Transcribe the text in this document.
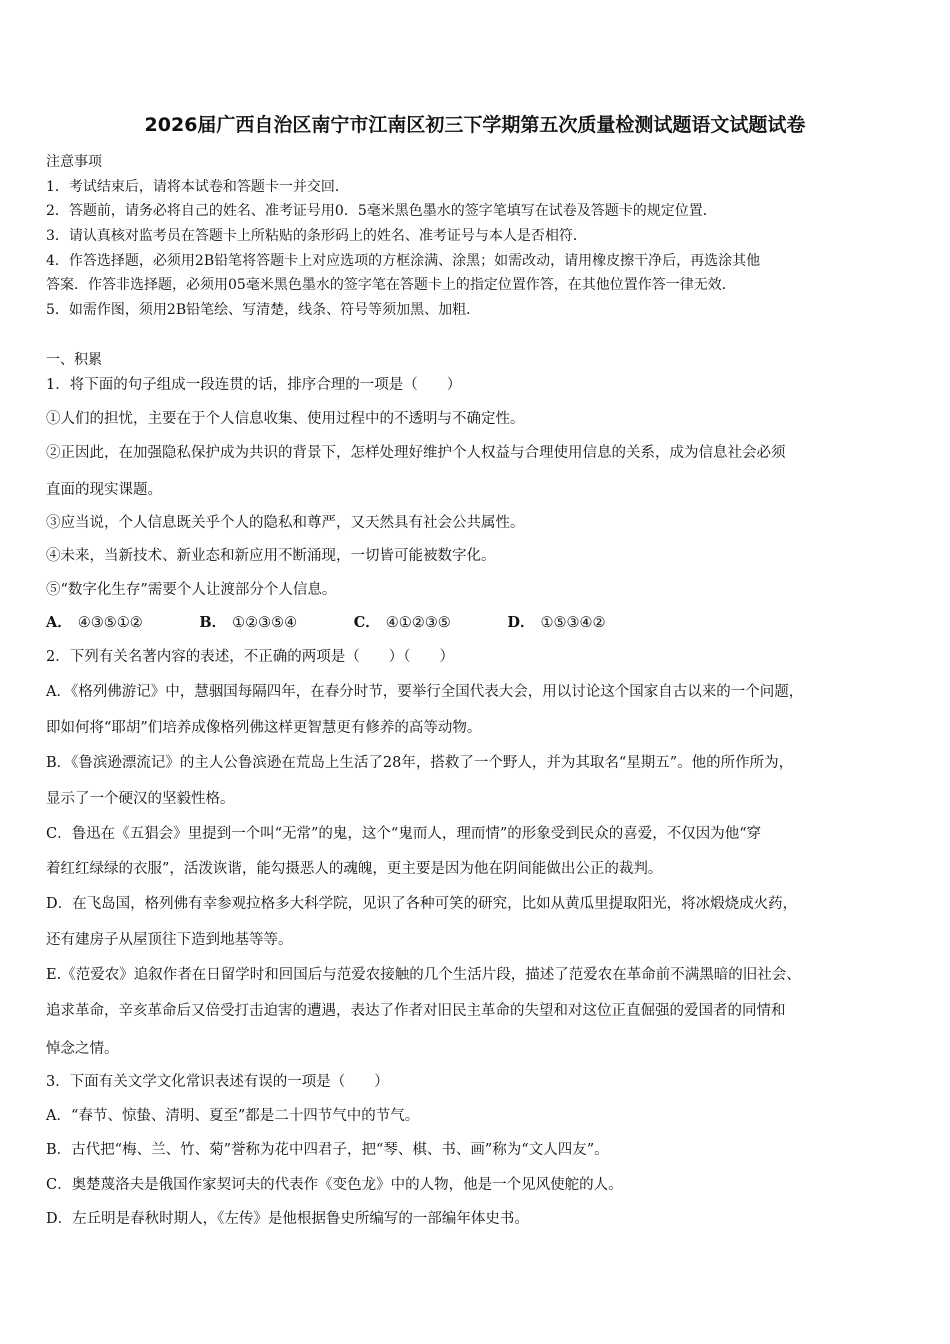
2026届广西自治区南宁市江南区初三下学期第五次质量检测试题语文试题试卷
注意事项
1．考试结束后，请将本试卷和答题卡一并交回．
2．答题前，请务必将自己的姓名、准考证号用0．5毫米黑色墨水的签字笔填写在试卷及答题卡的规定位置．
3．请认真核对监考员在答题卡上所粘贴的条形码上的姓名、准考证号与本人是否相符．
4．作答选择题，必须用2B铅笔将答题卡上对应选项的方框涂满、涂黑；如需改动，请用橡皮擦干净后，再选涂其他
答案．作答非选择题，必须用05毫米黑色墨水的签字笔在答题卡上的指定位置作答，在其他位置作答一律无效．
5．如需作图，须用2B铅笔绘、写清楚，线条、符号等须加黑、加粗．
一、积累
1．将下面的句子组成一段连贯的话，排序合理的一项是（　　）
①人们的担忧，主要在于个人信息收集、使用过程中的不透明与不确定性。
②正因此，在加强隐私保护成为共识的背景下，怎样处理好维护个人权益与合理使用信息的关系，成为信息社会必须
直面的现实课题。
③应当说，个人信息既关乎个人的隐私和尊严，又天然具有社会公共属性。
④未来，当新技术、新业态和新应用不断涌现，一切皆可能被数字化。
⑤“数字化生存”需要个人让渡部分个人信息。
A． ④③⑤①②	B． ①②③⑤④	C． ④①②③⑤	D． ①⑤③④②
2．下列有关名著内容的表述，不正确的两项是（　　）（　　）
A．《格列佛游记》中，慧骃国每隔四年，在春分时节，要举行全国代表大会，用以讨论这个国家自古以来的一个问题，
即如何将“耶胡”们培养成像格列佛这样更智慧更有修养的高等动物。
B．《鲁滨逊漂流记》的主人公鲁滨逊在荒岛上生活了28年，搭救了一个野人，并为其取名“星期五”。他的所作所为，
显示了一个硬汉的坚毅性格。
C．鲁迅在《五猖会》里提到一个叫“无常”的鬼，这个“鬼而人，理而情”的形象受到民众的喜爱，不仅因为他“穿
着红红绿绿的衣服”，活泼诙谐，能勾摄恶人的魂魄，更主要是因为他在阴间能做出公正的裁判。
D．在飞岛国，格列佛有幸参观拉格多大科学院，见识了各种可笑的研究，比如从黄瓜里提取阳光，将冰煅烧成火药，
还有建房子从屋顶往下造到地基等等。
E.《范爱农》追叙作者在日留学时和回国后与范爱农接触的几个生活片段，描述了范爱农在革命前不满黑暗的旧社会、
追求革命，辛亥革命后又倍受打击迫害的遭遇，表达了作者对旧民主革命的失望和对这位正直倔强的爱国者的同情和
悼念之情。
3．下面有关文学文化常识表述有误的一项是（　　）
A．“春节、惊蛰、清明、夏至”都是二十四节气中的节气。
B．古代把“梅、兰、竹、菊”誉称为花中四君子，把“琴、棋、书、画”称为“文人四友”。
C．奥楚蔑洛夫是俄国作家契诃夫的代表作《变色龙》中的人物，他是一个见风使舵的人。
D．左丘明是春秋时期人，《左传》是他根据鲁史所编写的一部编年体史书。
